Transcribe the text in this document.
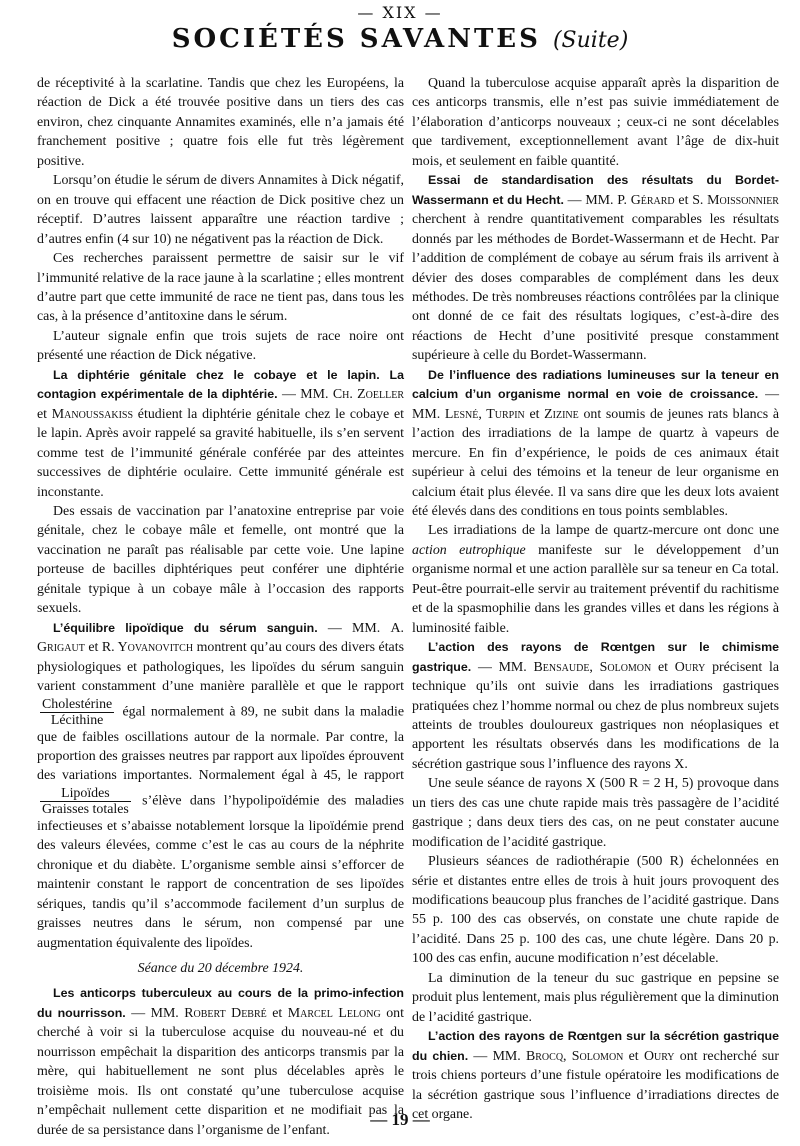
— XIX —
SOCIÉTÉS SAVANTES (Suite)

de réceptivité à la scarlatine. Tandis que chez les Européens, la réaction de Dick a été trouvée positive dans un tiers des cas environ, chez cinquante Annamites examinés, elle n’a jamais été franchement positive ; quatre fois elle fut très légèrement positive.

Lorsqu’on étudie le sérum de divers Annamites à Dick négatif, on en trouve qui effacent une réaction de Dick positive chez un réceptif. D’autres laissent apparaître une réaction tardive ; d’autres enfin (4 sur 10) ne négativent pas la réaction de Dick.

Ces recherches paraissent permettre de saisir sur le vif l’immunité relative de la race jaune à la scarlatine ; elles montrent d’autre part que cette immunité de race ne tient pas, dans tous les cas, à la présence d’antitoxine dans le sérum.

L’auteur signale enfin que trois sujets de race noire ont présenté une réaction de Dick négative.

La diphtérie génitale chez le cobaye et le lapin. La contagion expérimentale de la diphtérie. — MM. Ch. Zoeller et Manoussakiss étudient la diphtérie génitale chez le cobaye et le lapin. Après avoir rappelé sa gravité habituelle, ils s’en servent comme test de l’immunité générale conférée par des atteintes successives de diphtérie oculaire. Cette immunité générale est inconstante.

Des essais de vaccination par l’anatoxine entreprise par voie génitale, chez le cobaye mâle et femelle, ont montré que la vaccination ne paraît pas réalisable par cette voie. Une lapine porteuse de bacilles diphtériques peut conférer une diphtérie génitale typique à un cobaye mâle à l’occasion des rapports sexuels.

L’équilibre lipoïdique du sérum sanguin. — MM. A. Grigaut et R. Yovanovitch montrent qu’au cours des divers états physiologiques et pathologiques, les lipoïdes du sérum sanguin varient constamment d’une manière parallèle et que le rapport
$\frac{\text{Cholestérine}}{\text{Lécithine}}$ égal normalement à 89, ne subit dans la maladie que de faibles oscillations autour de la normale. Par contre, la proportion des graisses neutres par rapport aux lipoïdes éprouvent des variations importantes. Normalement égal à 45, le rapport
$\frac{\text{Lipoïdes}}{\text{Graisses totales}}$ s’élève dans l’hypolipoïdémie des maladies infectieuses et s’abaisse notablement lorsque la lipoïdémie prend des valeurs élevées, comme c’est le cas au cours de la néphrite chronique et du diabète. L’organisme semble ainsi s’efforcer de maintenir constant le rapport de concentration de ses lipoïdes sériques, tandis qu’il s’accommode facilement d’un surplus de graisses neutres dans le sérum, non compensé par une augmentation équivalente des lipoïdes.

Séance du 20 décembre 1924.

Les anticorps tuberculeux au cours de la primo-infection du nourrisson. — MM. Robert Debré et Marcel Lelong ont cherché à voir si la tuberculose acquise du nouveau-né et du nourrisson empêchait la disparition des anticorps transmis par la mère, qui habituellement ne sont plus décelables après le troisième mois. Ils ont constaté qu’une tuberculose acquise n’empêchait nullement cette disparition et ne modifiait pas la durée de sa persistance dans l’organisme de l’enfant.

Quand la tuberculose acquise apparaît après la disparition de ces anticorps transmis, elle n’est pas suivie immédiatement de l’élaboration d’anticorps nouveaux ; ceux-ci ne sont décelables que tardivement, exceptionnellement avant l’âge de dix-huit mois, et seulement en faible quantité.

Essai de standardisation des résultats du Bordet-Wassermann et du Hecht. — MM. P. Gérard et S. Moissonnier cherchent à rendre quantitativement comparables les résultats donnés par les méthodes de Bordet-Wassermann et de Hecht. Par l’addition de complément de cobaye au sérum frais ils arrivent à dévier des doses comparables de complément dans les deux méthodes. De très nombreuses réactions contrôlées par la clinique ont donné de ce fait des résultats logiques, c’est-à-dire des réactions de Hecht d’une positivité presque constamment supérieure à celle du Bordet-Wassermann.

De l’influence des radiations lumineuses sur la teneur en calcium d’un organisme normal en voie de croissance. — MM. Lesné, Turpin et Zizine ont soumis de jeunes rats blancs à l’action des irradiations de la lampe de quartz à vapeurs de mercure. En fin d’expérience, le poids de ces animaux était supérieur à celui des témoins et la teneur de leur organisme en calcium était plus élevée. Il va sans dire que les deux lots avaient été élevés dans des conditions en tous points semblables.

Les irradiations de la lampe de quartz-mercure ont donc une action eutrophique manifeste sur le développement d’un organisme normal et une action parallèle sur sa teneur en Ca total. Peut-être pourrait-elle servir au traitement préventif du rachitisme et de la spasmophilie dans les grandes villes et dans les régions à luminosité faible.

L’action des rayons de Rœntgen sur le chimisme gastrique. — MM. Bensaude, Solomon et Oury précisent la technique qu’ils ont suivie dans les irradiations gastriques pratiquées chez l’homme normal ou chez de plus nombreux sujets atteints de troubles douloureux gastriques non néoplasiques et apportent les résultats observés dans les modifications de la sécrétion gastrique sous l’influence des rayons X.

Une seule séance de rayons X (500 R = 2 H, 5) provoque dans un tiers des cas une chute rapide mais très passagère de l’acidité gastrique ; dans deux tiers des cas, on ne peut constater aucune modification de l’acidité gastrique.

Plusieurs séances de radiothérapie (500 R) échelonnées en série et distantes entre elles de trois à huit jours provoquent des modifications beaucoup plus franches de l’acidité gastrique. Dans 55 p. 100 des cas observés, on constate une chute rapide de l’acidité. Dans 25 p. 100 des cas, une chute légère. Dans 20 p. 100 des cas enfin, aucune modification n’est décelable.

La diminution de la teneur du suc gastrique en pepsine se produit plus lentement, mais plus régulièrement que la diminution de l’acidité gastrique.

L’action des rayons de Rœntgen sur la sécrétion gastrique du chien. — MM. Brocq, Solomon et Oury ont recherché sur trois chiens porteurs d’une fistule opératoire les modifications de la sécrétion gastrique sous l’influence d’irradiations directes de cet organe.

— 19 —
